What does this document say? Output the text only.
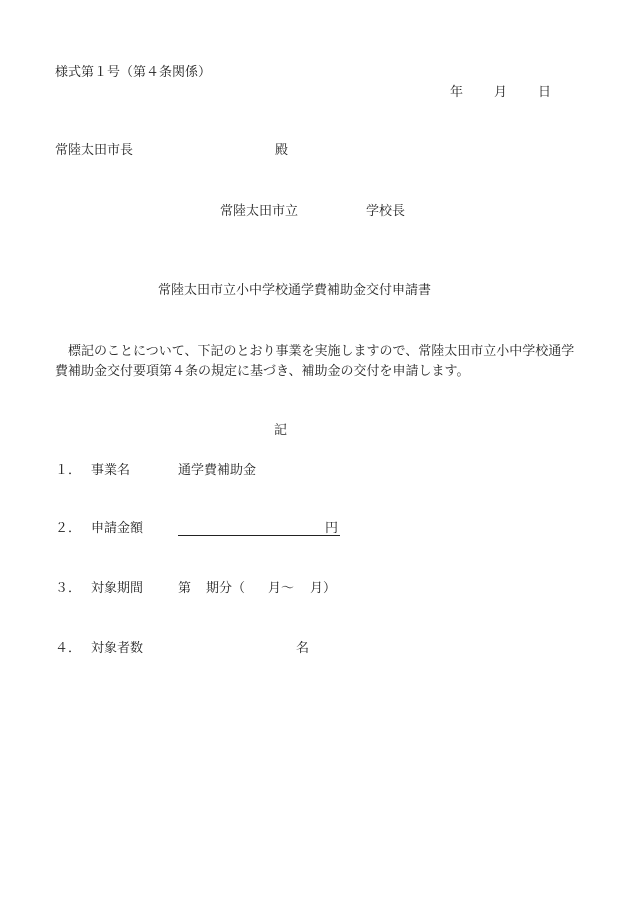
様式第１号（第４条関係）
年 月 日
常陸太田市長	殿
常陸太田市立	学校長
常陸太田市立小中学校通学費補助金交付申請書
　標記のことについて、下記のとおり事業を実施しますので、常陸太田市立小中学校通学費補助金交付要項第４条の規定に基づき、補助金の交付を申請します。
記
１． 事業名	通学費補助金
２． 申請金額	円
３． 対象期間	第 期分（ 月～ 月）
４． 対象者数	名
